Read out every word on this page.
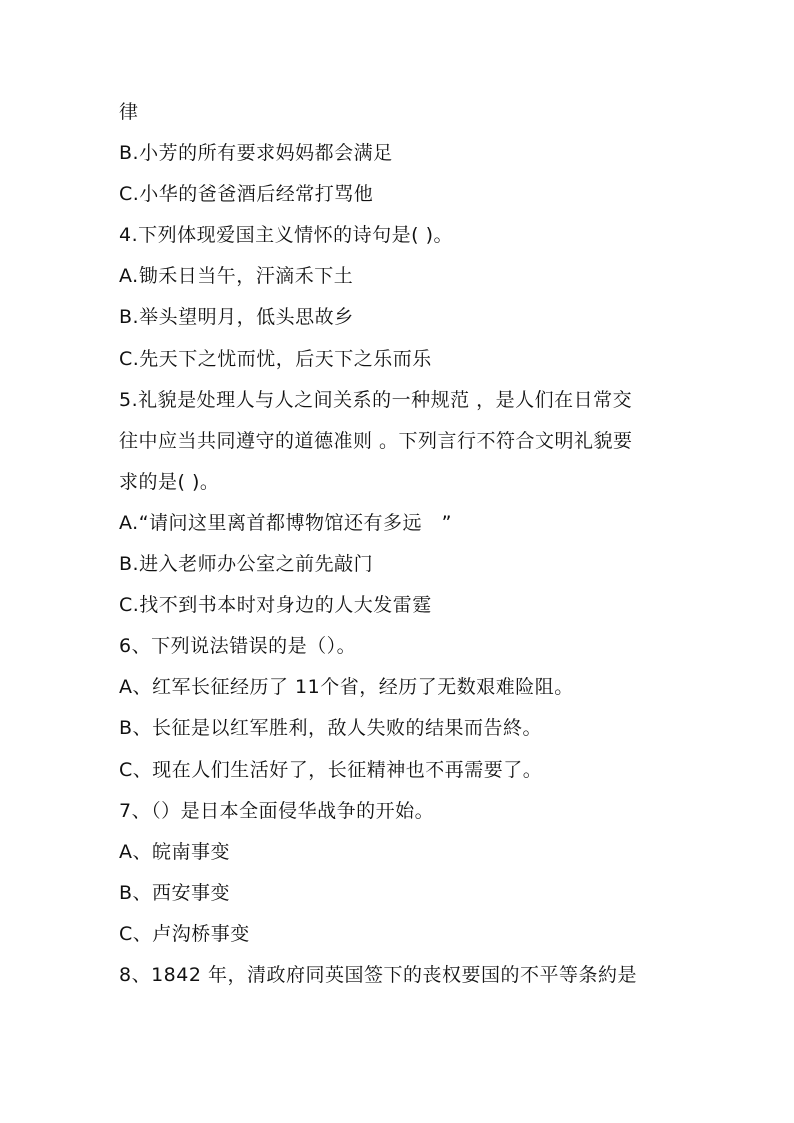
律
B.小芳的所有要求妈妈都会满足
C.小华的爸爸酒后经常打骂他
4.下列体现爱国主义情怀的诗句是( )。
A.锄禾日当午，汗滴禾下土
B.举头望明月，低头思故乡
C.先天下之忧而忧，后天下之乐而乐
5.礼貌是处理人与人之间关系的一种规范 ，是人们在日常交
往中应当共同遵守的道德准则 。下列言行不符合文明礼貌要
求的是( )。
A.“请问这里离首都博物馆还有多远   ”
B.进入老师办公室之前先敲门
C.找不到书本时对身边的人大发雷霆
6、下列说法错误的是（）。
A、红军长征经历了 11个省，经历了无数艰难险阻。
B、长征是以红军胜利，敌人失败的结果而告終。
C、现在人们生活好了，长征精神也不再需要了。
7、（）是日本全面侵华战争的开始。
A、皖南事变
B、西安事变
C、卢沟桥事变
8、1842 年，清政府同英国签下的丧权要国的不平等条約是
